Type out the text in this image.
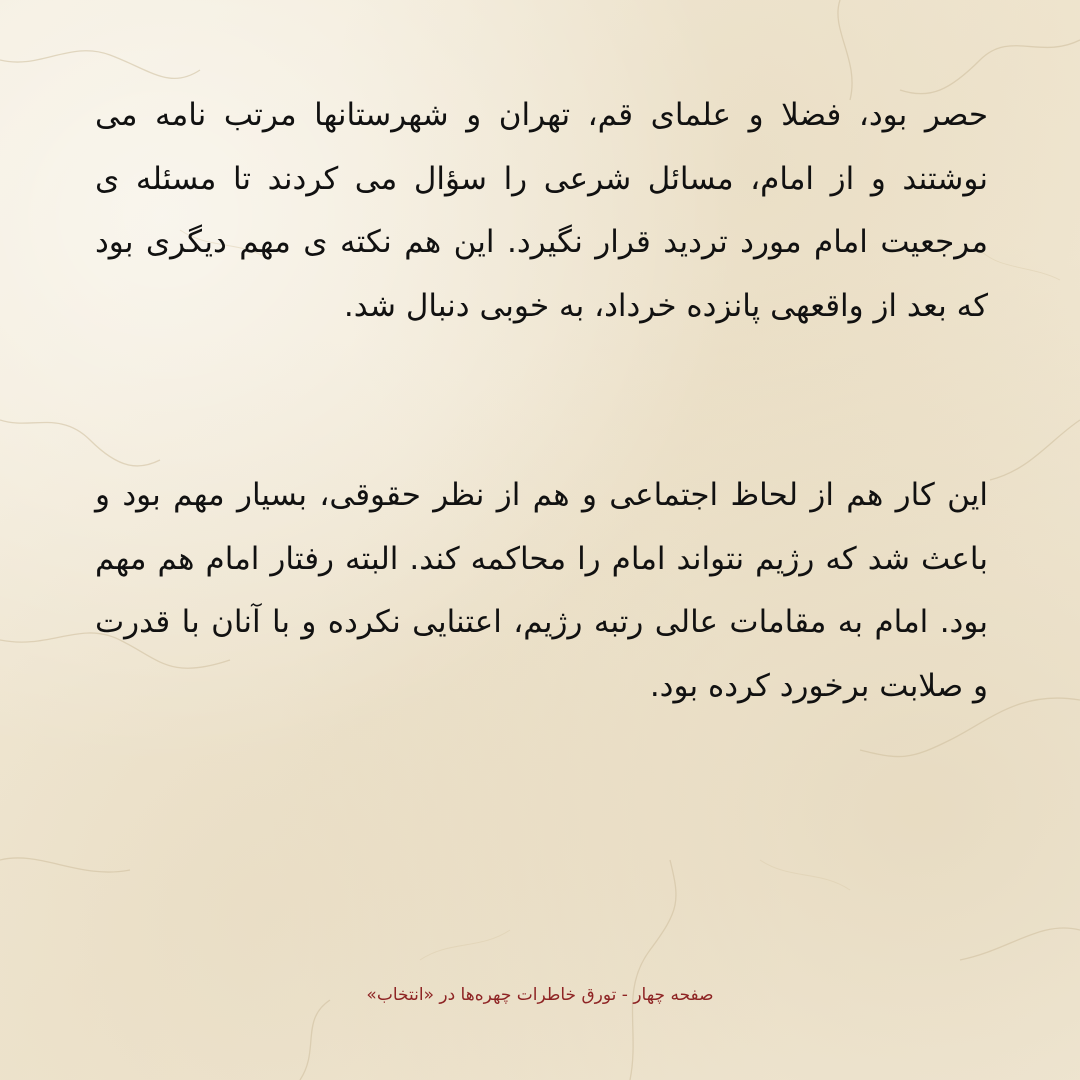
حصر بود، فضلا و علمای قم، تهران و شهرستانها مرتب نامه می نوشتند و از امام، مسائل شرعی را سؤال می کردند تا مسئله ی مرجعیت امام مورد تردید قرار نگیرد. این هم نکته ی مهم دیگری بود که بعد از واقعهی پانزده خرداد، به خوبی دنبال شد.
این کار هم از لحاظ اجتماعی و هم از نظر حقوقی، بسیار مهم بود و باعث شد که رژیم نتواند امام را محاکمه کند. البته رفتار امام هم مهم بود. امام به مقامات عالی رتبه رژیم، اعتنایی نکرده و با آنان با قدرت و صلابت برخورد کرده بود.
صفحه چهار - تورق خاطرات چهره‌ها در «انتخاب»
